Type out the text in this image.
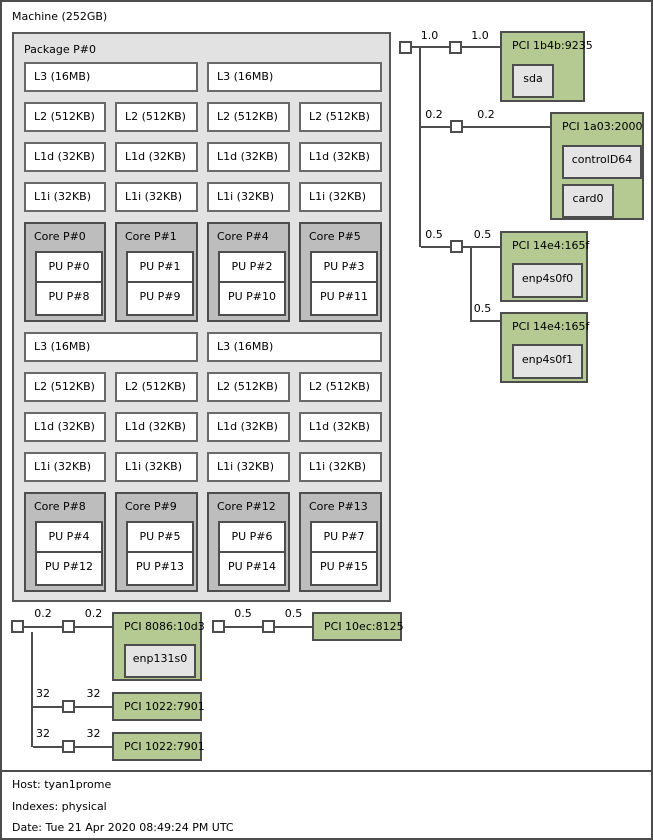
Machine (252GB)
Package P#0
L3 (16MB)	L3 (16MB)
L2 (512KB)	L2 (512KB)	L2 (512KB)	L2 (512KB)
L1d (32KB)	L1d (32KB)	L1d (32KB)	L1d (32KB)
L1i (32KB)	L1i (32KB)	L1i (32KB)	L1i (32KB)
Core P#0
PU P#0
PU P#8
Core P#1
PU P#1
PU P#9
Core P#4
PU P#2
PU P#10
Core P#5
PU P#3
PU P#11
L3 (16MB)	L3 (16MB)
L2 (512KB)	L2 (512KB)	L2 (512KB)	L2 (512KB)
L1d (32KB)	L1d (32KB)	L1d (32KB)	L1d (32KB)
L1i (32KB)	L1i (32KB)	L1i (32KB)	L1i (32KB)
Core P#8
PU P#4
PU P#12
Core P#9
PU P#5
PU P#13
Core P#12
PU P#6
PU P#14
Core P#13
PU P#7
PU P#15
1.0	1.0
0.2	0.2
0.5	0.5
0.5
PCI 1b4b:9235
sda
PCI 1a03:2000
controlD64
card0
PCI 14e4:165f
enp4s0f0
PCI 14e4:165f
enp4s0f1
0.2	0.2
PCI 8086:10d3
enp131s0
32	32
PCI 1022:7901
32	32
PCI 1022:7901
0.5	0.5
PCI 10ec:8125
Host: tyan1prome
Indexes: physical
Date: Tue 21 Apr 2020 08:49:24 PM UTC
